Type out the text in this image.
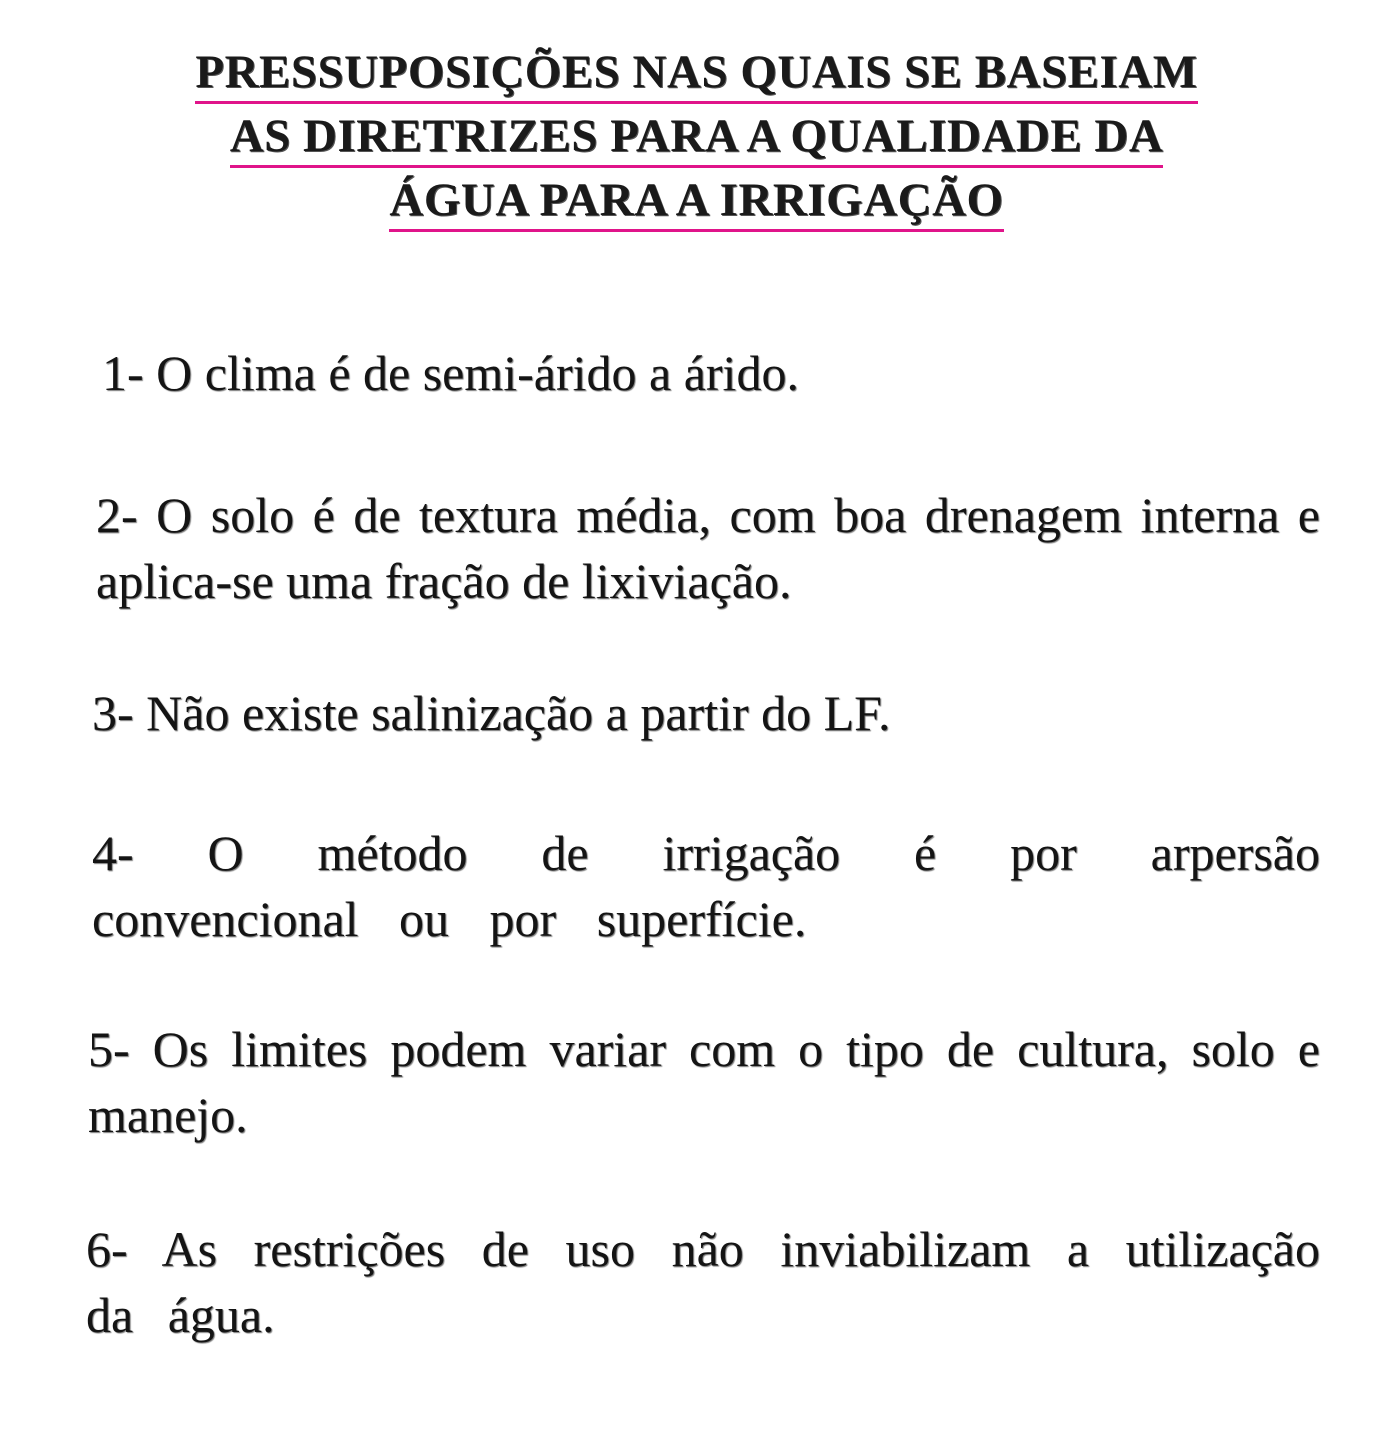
PRESSUPOSIÇÕES NAS QUAIS SE BASEIAM
AS DIRETRIZES PARA A QUALIDADE DA
ÁGUA PARA A IRRIGAÇÃO

1- O clima é de semi-árido a árido.

2- O solo é de textura média, com boa drenagem interna e aplica-se uma fração de lixiviação.

3- Não existe salinização a partir do LF.

4- O método de irrigação é por arpersão convencional ou por superfície.

5- Os limites podem variar com o tipo de cultura, solo e manejo.

6- As restrições de uso não inviabilizam a utilização da água.
